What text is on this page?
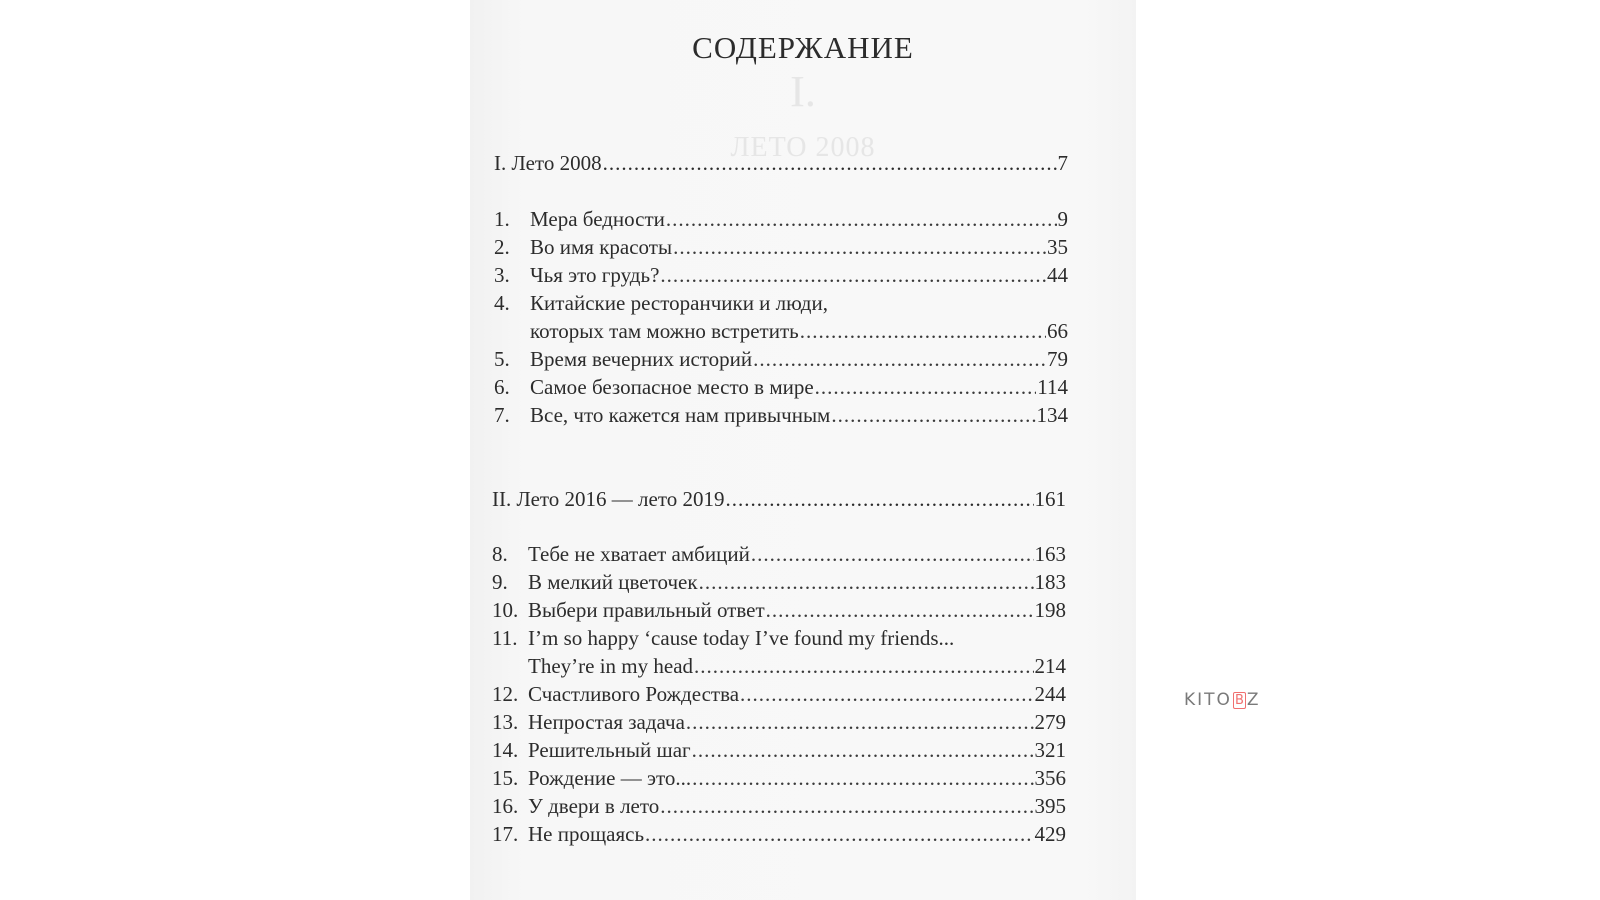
I.
ЛЕТО 2008
СОДЕРЖАНИЕ
I. Лето 2008 .....	7
1. Мера бедности .....	9
2. Во имя красоты .....	35
3. Чья это грудь? .....	44
4. Китайские ресторанчики и люди,
которых там можно встретить .....	66
5. Время вечерних историй .....	79
6. Самое безопасное место в мире .....	114
7. Все, что кажется нам привычным .....	134
II. Лето 2016 — лето 2019 .....	161
8. Тебе не хватает амбиций .....	163
9. В мелкий цветочек .....	183
10. Выбери правильный ответ .....	198
11. I’m so happy ‘cause today I’ve found my friends...
They’re in my head .....	214
12. Счастливого Рождества .....	244
13. Непростая задача .....	279
14. Решительный шаг .....	321
15. Рождение — это... .....	356
16. У двери в лето .....	395
17. Не прощаясь .....	429
KITO B Z
